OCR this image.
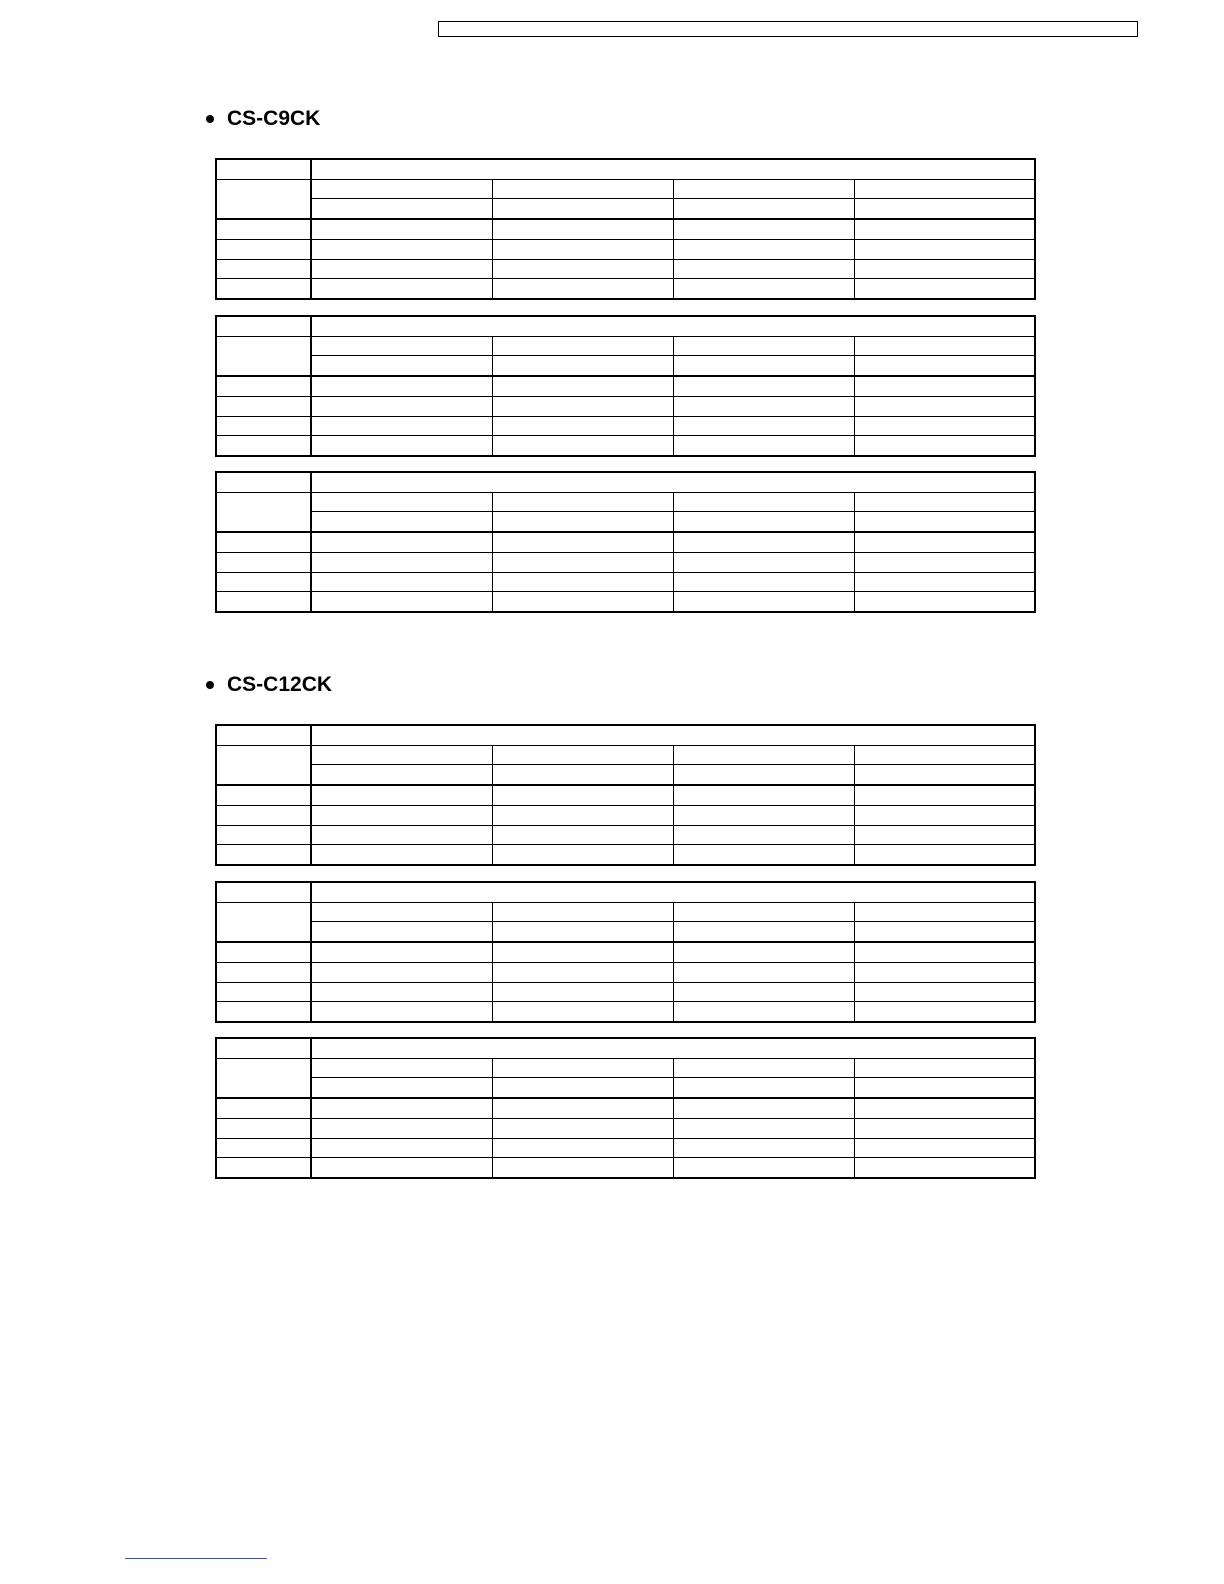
CS-C9CK

CS-C12CK
